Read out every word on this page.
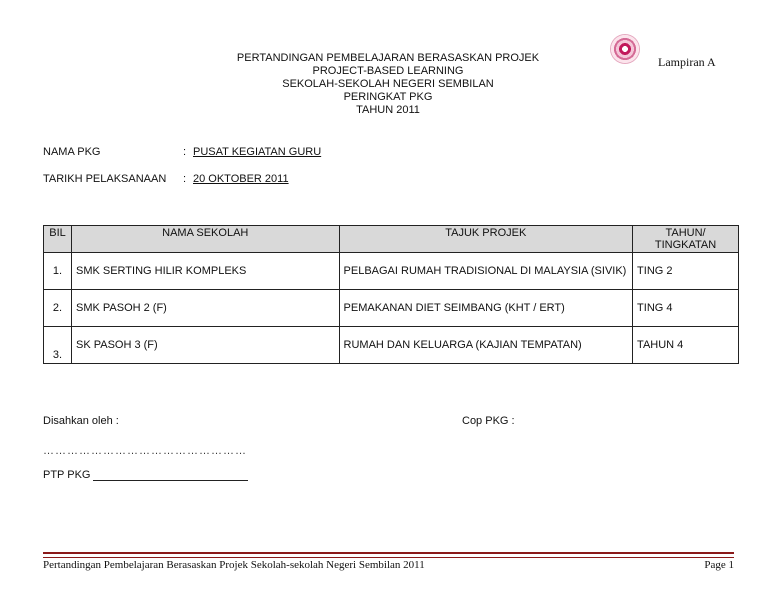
PERTANDINGAN PEMBELAJARAN BERASASKAN PROJEK
PROJECT-BASED LEARNING
SEKOLAH-SEKOLAH NEGERI SEMBILAN
PERINGKAT PKG
TAHUN 2011
Lampiran A
NAMA PKG	: PUSAT KEGIATAN GURU
TARIKH PELAKSANAAN : 20 OKTOBER 2011
BIL	NAMA SEKOLAH	TAJUK PROJEK	TAHUN/
TINGKATAN
1.	SMK SERTING HILIR KOMPLEKS	PELBAGAI RUMAH TRADISIONAL DI MALAYSIA (SIVIK)	TING 2
2.	SMK PASOH 2 (F)	PEMAKANAN DIET SEIMBANG (KHT / ERT)	TING 4
3.	SK PASOH 3 (F)	RUMAH DAN KELUARGA (KAJIAN TEMPATAN)	TAHUN 4
Disahkan oleh :	Cop PKG :
……………………………………………
PTP PKG
Pertandingan Pembelajaran Berasaskan Projek Sekolah-sekolah Negeri Sembilan 2011	Page 1
